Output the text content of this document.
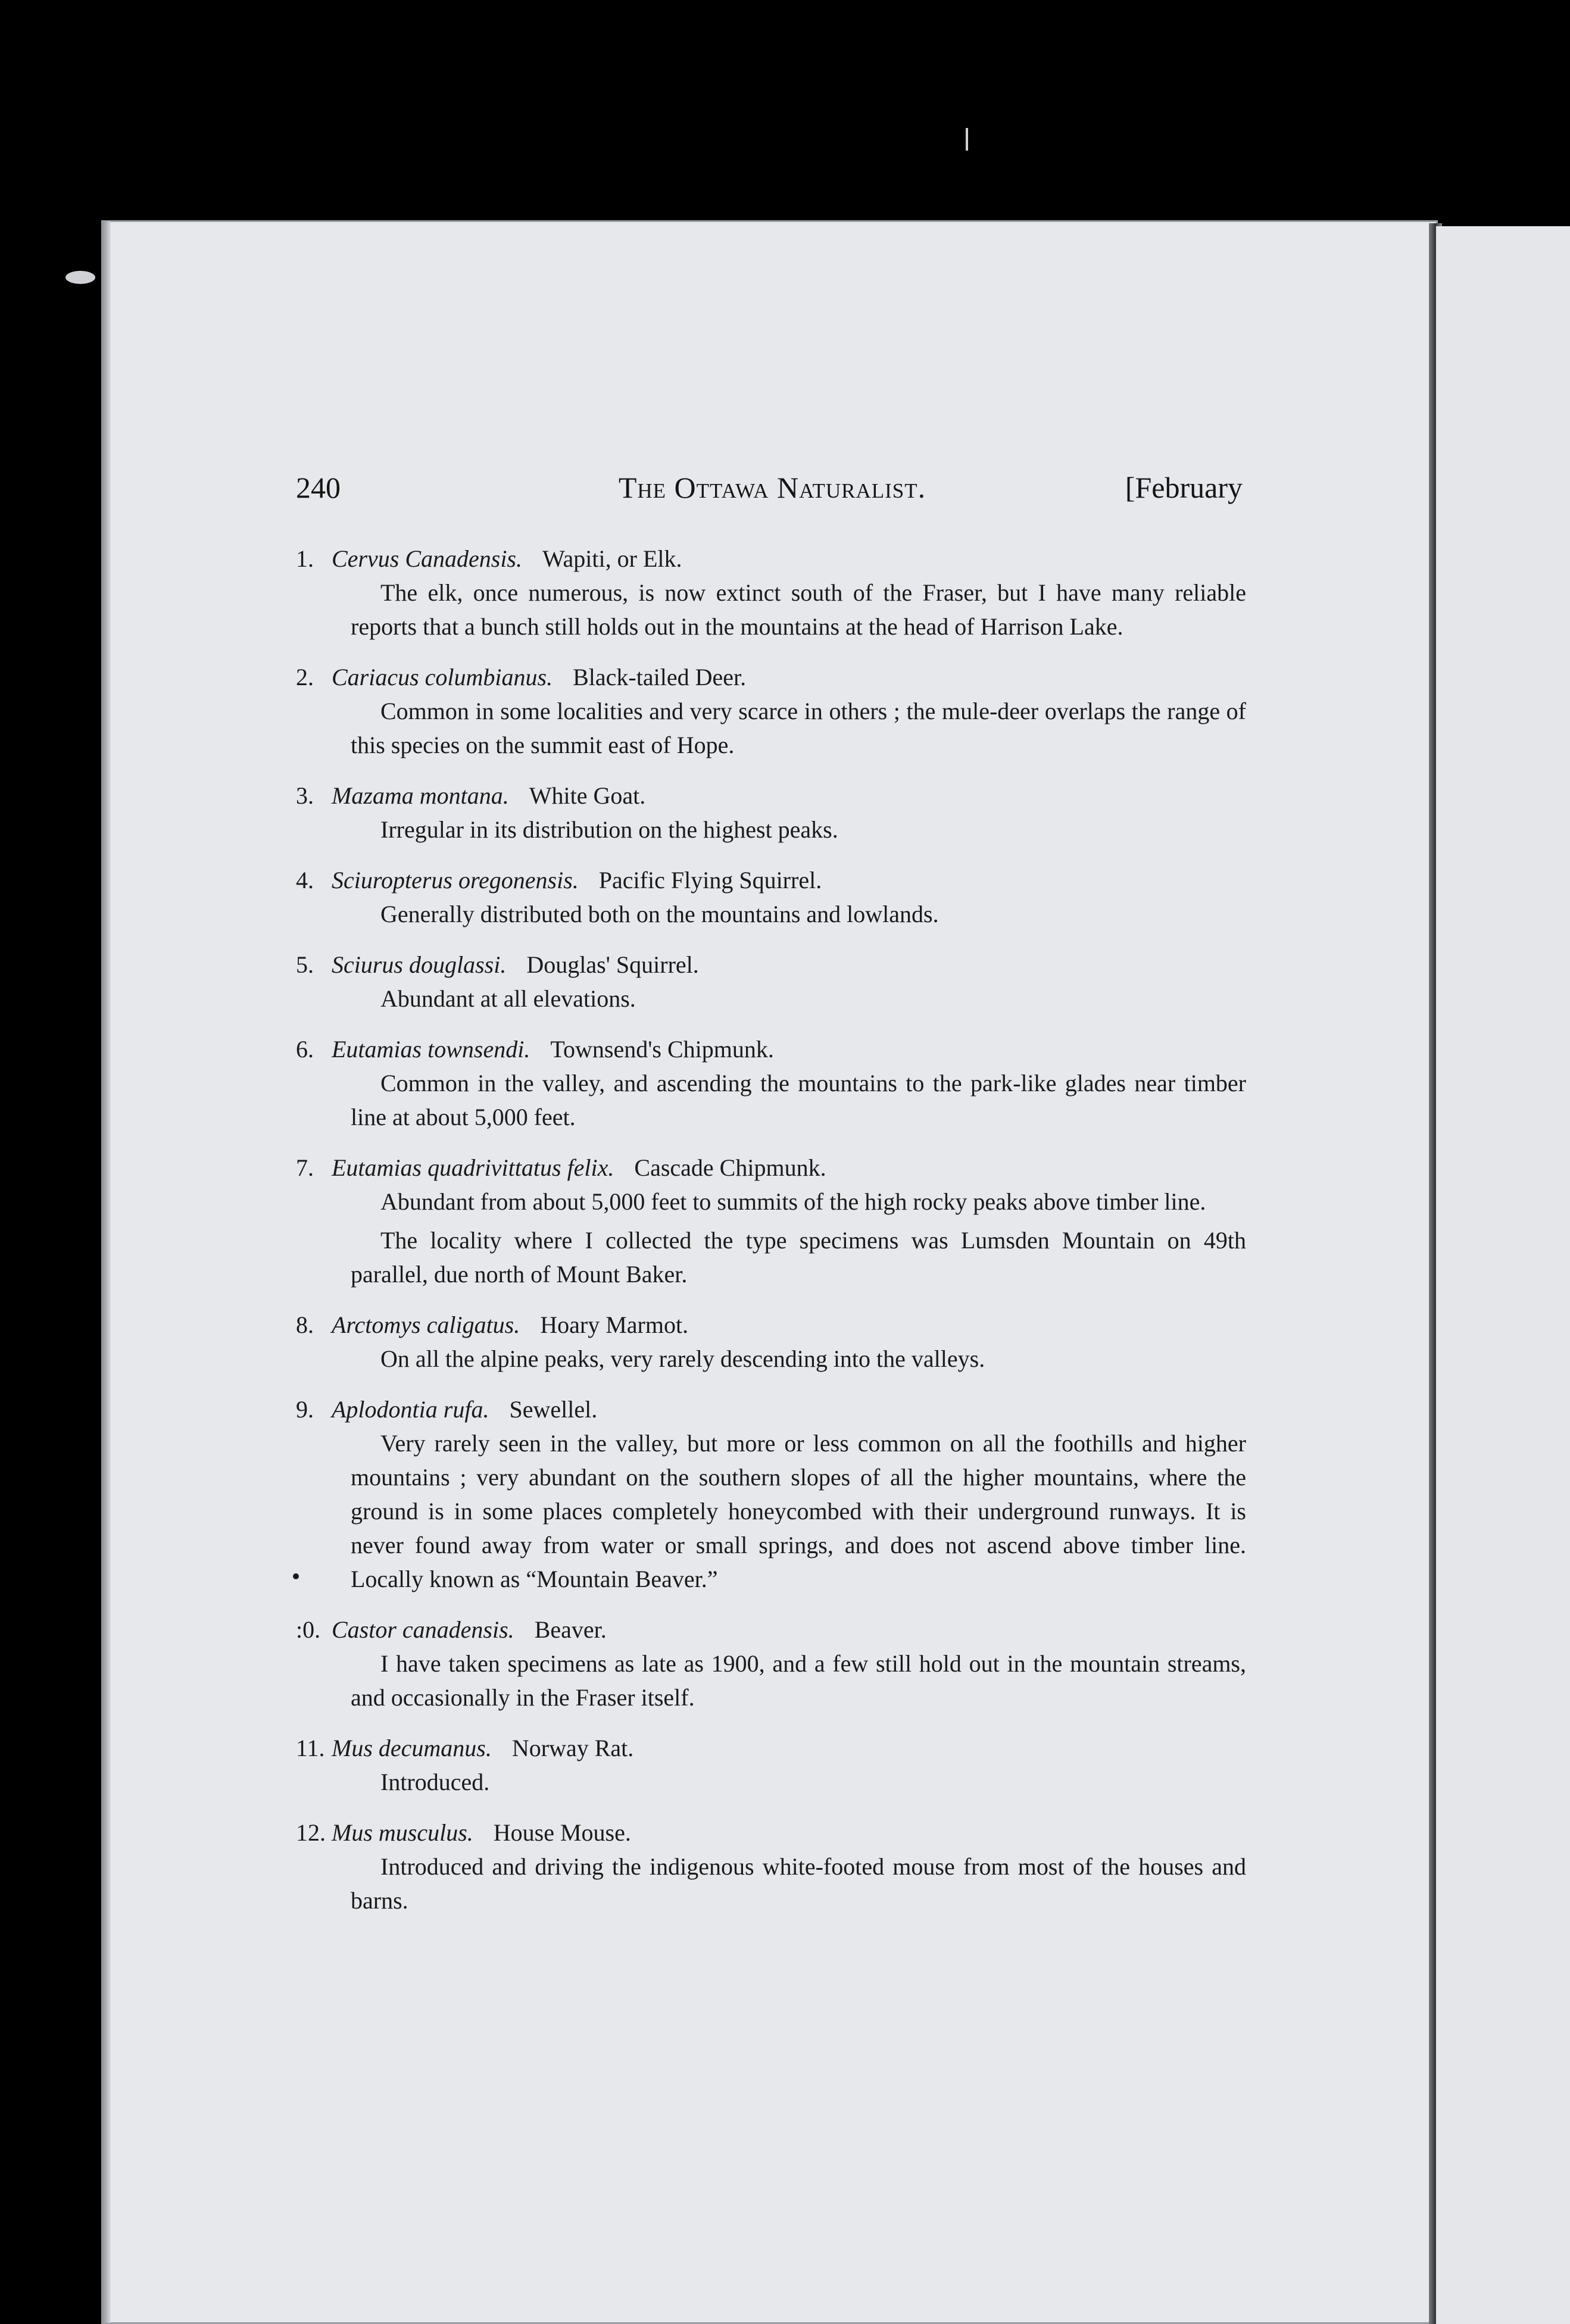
240	The Ottawa Naturalist.	[February
1. Cervus Canadensis. Wapiti, or Elk.
The elk, once numerous, is now extinct south of the Fraser, but I have many reliable reports that a bunch still holds out in the mountains at the head of Harrison Lake.
2. Cariacus columbianus. Black-tailed Deer.
Common in some localities and very scarce in others ; the mule-deer overlaps the range of this species on the summit east of Hope.
3. Mazama montana. White Goat.
Irregular in its distribution on the highest peaks.
4. Sciuropterus oregonensis. Pacific Flying Squirrel.
Generally distributed both on the mountains and lowlands.
5. Sciurus douglassi. Douglas' Squirrel.
Abundant at all elevations.
6. Eutamias townsendi. Townsend's Chipmunk.
Common in the valley, and ascending the mountains to the park-like glades near timber line at about 5,000 feet.
7. Eutamias quadrivittatus felix. Cascade Chipmunk.
Abundant from about 5,000 feet to summits of the high rocky peaks above timber line.
The locality where I collected the type specimens was Lumsden Mountain on 49th parallel, due north of Mount Baker.
8. Arctomys caligatus. Hoary Marmot.
On all the alpine peaks, very rarely descending into the valleys.
9. Aplodontia rufa. Sewellel.
Very rarely seen in the valley, but more or less common on all the foothills and higher mountains ; very abundant on the southern slopes of all the higher mountains, where the ground is in some places completely honeycombed with their underground runways. It is never found away from water or small springs, and does not ascend above timber line. Locally known as “Mountain Beaver.”
:0. Castor canadensis. Beaver.
I have taken specimens as late as 1900, and a few still hold out in the mountain streams, and occasionally in the Fraser itself.
11. Mus decumanus. Norway Rat.
Introduced.
12. Mus musculus. House Mouse.
Introduced and driving the indigenous white-footed mouse from most of the houses and barns.
